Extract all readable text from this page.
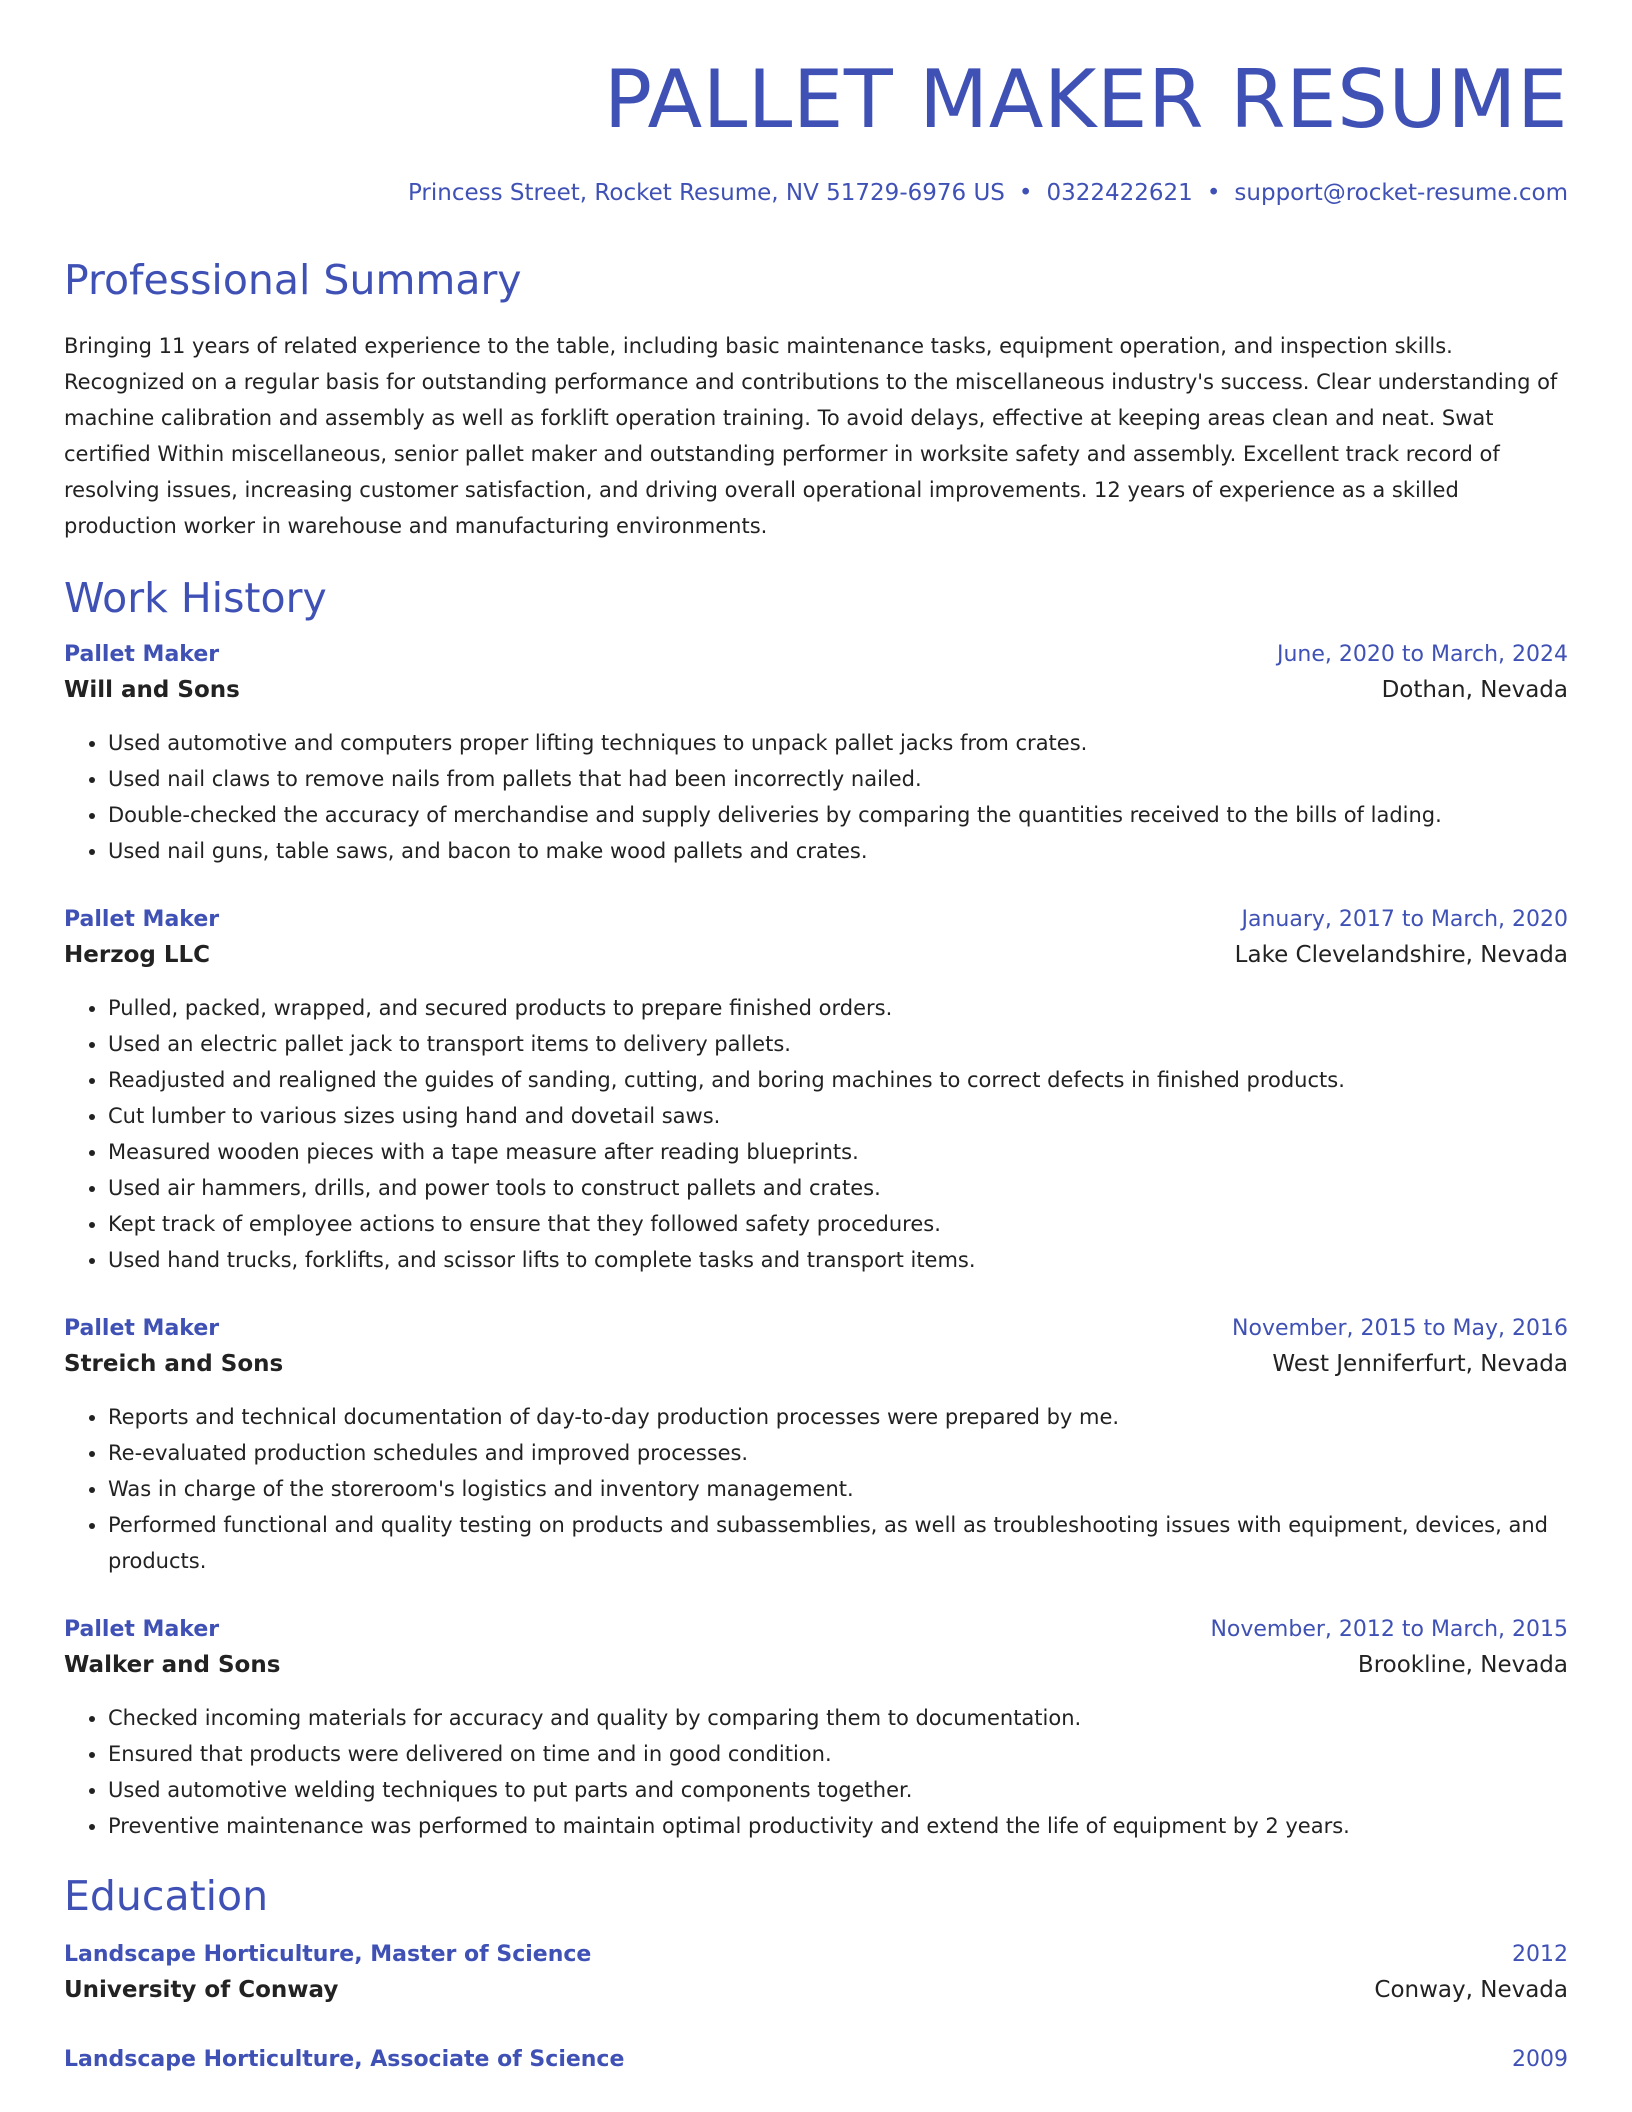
PALLET MAKER RESUME
Princess Street, Rocket Resume, NV 51729-6976 US • 0322422621 • support@rocket-resume.com
Professional Summary
Bringing 11 years of related experience to the table, including basic maintenance tasks, equipment operation, and inspection skills. Recognized on a regular basis for outstanding performance and contributions to the miscellaneous industry's success. Clear understanding of machine calibration and assembly as well as forklift operation training. To avoid delays, effective at keeping areas clean and neat. Swat certified Within miscellaneous, senior pallet maker and outstanding performer in worksite safety and assembly. Excellent track record of resolving issues, increasing customer satisfaction, and driving overall operational improvements. 12 years of experience as a skilled production worker in warehouse and manufacturing environments.
Work History
Pallet Maker	June, 2020 to March, 2024
Will and Sons	Dothan, Nevada
• Used automotive and computers proper lifting techniques to unpack pallet jacks from crates.
• Used nail claws to remove nails from pallets that had been incorrectly nailed.
• Double-checked the accuracy of merchandise and supply deliveries by comparing the quantities received to the bills of lading.
• Used nail guns, table saws, and bacon to make wood pallets and crates.
Pallet Maker	January, 2017 to March, 2020
Herzog LLC	Lake Clevelandshire, Nevada
• Pulled, packed, wrapped, and secured products to prepare finished orders.
• Used an electric pallet jack to transport items to delivery pallets.
• Readjusted and realigned the guides of sanding, cutting, and boring machines to correct defects in finished products.
• Cut lumber to various sizes using hand and dovetail saws.
• Measured wooden pieces with a tape measure after reading blueprints.
• Used air hammers, drills, and power tools to construct pallets and crates.
• Kept track of employee actions to ensure that they followed safety procedures.
• Used hand trucks, forklifts, and scissor lifts to complete tasks and transport items.
Pallet Maker	November, 2015 to May, 2016
Streich and Sons	West Jenniferfurt, Nevada
• Reports and technical documentation of day-to-day production processes were prepared by me.
• Re-evaluated production schedules and improved processes.
• Was in charge of the storeroom's logistics and inventory management.
• Performed functional and quality testing on products and subassemblies, as well as troubleshooting issues with equipment, devices, and products.
Pallet Maker	November, 2012 to March, 2015
Walker and Sons	Brookline, Nevada
• Checked incoming materials for accuracy and quality by comparing them to documentation.
• Ensured that products were delivered on time and in good condition.
• Used automotive welding techniques to put parts and components together.
• Preventive maintenance was performed to maintain optimal productivity and extend the life of equipment by 2 years.
Education
Landscape Horticulture, Master of Science	2012
University of Conway	Conway, Nevada
Landscape Horticulture, Associate of Science	2009
